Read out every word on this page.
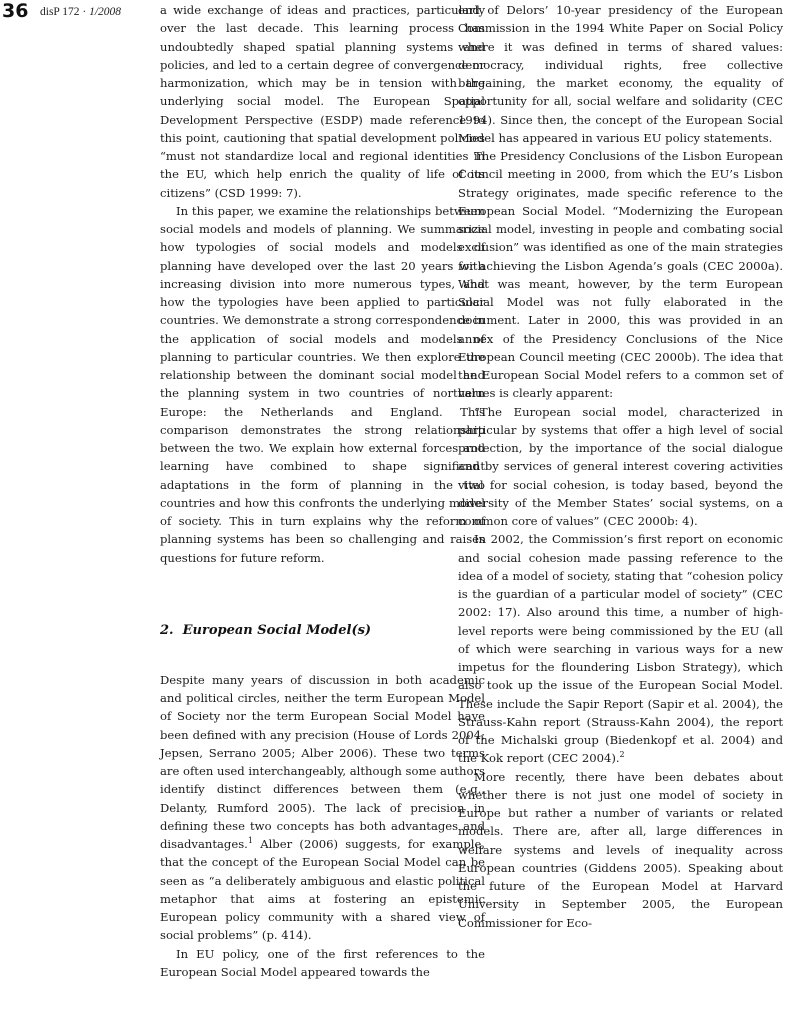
36 disP 172 · 1/2008	a wide exchange of ideas and practices, particularly over the last decade. This learning process has undoubtedly shaped spatial planning systems and policies, and led to a certain degree of convergence or harmonization, which may be in tension with the underlying social model. The European Spatial Development Perspective (ESDP) made reference to this point, cautioning that spatial development policies “must not standardize local and regional identities in the EU, which help enrich the quality of life of its citizens” (CSD 1999: 7).

In this paper, we examine the relationships between social models and models of planning. We summarize how typologies of social models and models of planning have developed over the last 20 years with increasing division into more numerous types, and how the typologies have been applied to particular countries. We demonstrate a strong correspondence in the application of social models and models of planning to particular countries. We then explore the relationship between the dominant social model and the planning system in two countries of northern Europe: the Netherlands and England. This comparison demonstrates the strong relationship between the two. We explain how external forces and learning have combined to shape significant adaptations in the form of planning in the two countries and how this confronts the underlying model of society. This in turn explains why the reform of planning systems has been so challenging and raises questions for future reform.

2. European Social Model(s)

Despite many years of discussion in both academic and political circles, neither the term European Model of Society nor the term European Social Model have been defined with any precision (House of Lords 2004; Jepsen, Serrano 2005; Alber 2006). These two terms are often used interchangeably, although some authors identify distinct differences between them (e.g., Delanty, Rumford 2005). The lack of precision in defining these two concepts has both advantages and disadvantages.$^1$ Alber (2006) suggests, for example, that the concept of the European Social Model can be seen as “a deliberately ambiguous and elastic political metaphor that aims at fostering an epistemic European policy community with a shared view of social problems” (p. 414).

In EU policy, one of the first references to the European Social Model appeared towards the

end of Delors’ 10-year presidency of the European Commission in the 1994 White Paper on Social Policy where it was defined in terms of shared values: democracy, individual rights, free collective bargaining, the market economy, the equality of opportunity for all, social welfare and solidarity (CEC 1994). Since then, the concept of the European Social Model has appeared in various EU policy statements.

The Presidency Conclusions of the Lisbon European Council meeting in 2000, from which the EU’s Lisbon Strategy originates, made specific reference to the European Social Model. “Modernizing the European social model, investing in people and combating social exclusion” was identified as one of the main strategies for achieving the Lisbon Agenda’s goals (CEC 2000a). What was meant, however, by the term European Social Model was not fully elaborated in the document. Later in 2000, this was provided in an annex of the Presidency Conclusions of the Nice European Council meeting (CEC 2000b). The idea that the European Social Model refers to a common set of values is clearly apparent:

“The European social model, characterized in particular by systems that offer a high level of social protection, by the importance of the social dialogue and by services of general interest covering activities vital for social cohesion, is today based, beyond the diversity of the Member States’ social systems, on a common core of values” (CEC 2000b: 4).

In 2002, the Commission’s first report on economic and social cohesion made passing reference to the idea of a model of society, stating that “cohesion policy is the guardian of a particular model of society” (CEC 2002: 17). Also around this time, a number of high-level reports were being commissioned by the EU (all of which were searching in various ways for a new impetus for the floundering Lisbon Strategy), which also took up the issue of the European Social Model. These include the Sapir Report (Sapir et al. 2004), the Strauss-Kahn report (Strauss-Kahn 2004), the report of the Michalski group (Biedenkopf et al. 2004) and the Kok report (CEC 2004).$^2$

More recently, there have been debates about whether there is not just one model of society in Europe but rather a number of variants or related models. There are, after all, large differences in welfare systems and levels of inequality across European countries (Giddens 2005). Speaking about the future of the European Model at Harvard University in September 2005, the European Commissioner for Eco-
